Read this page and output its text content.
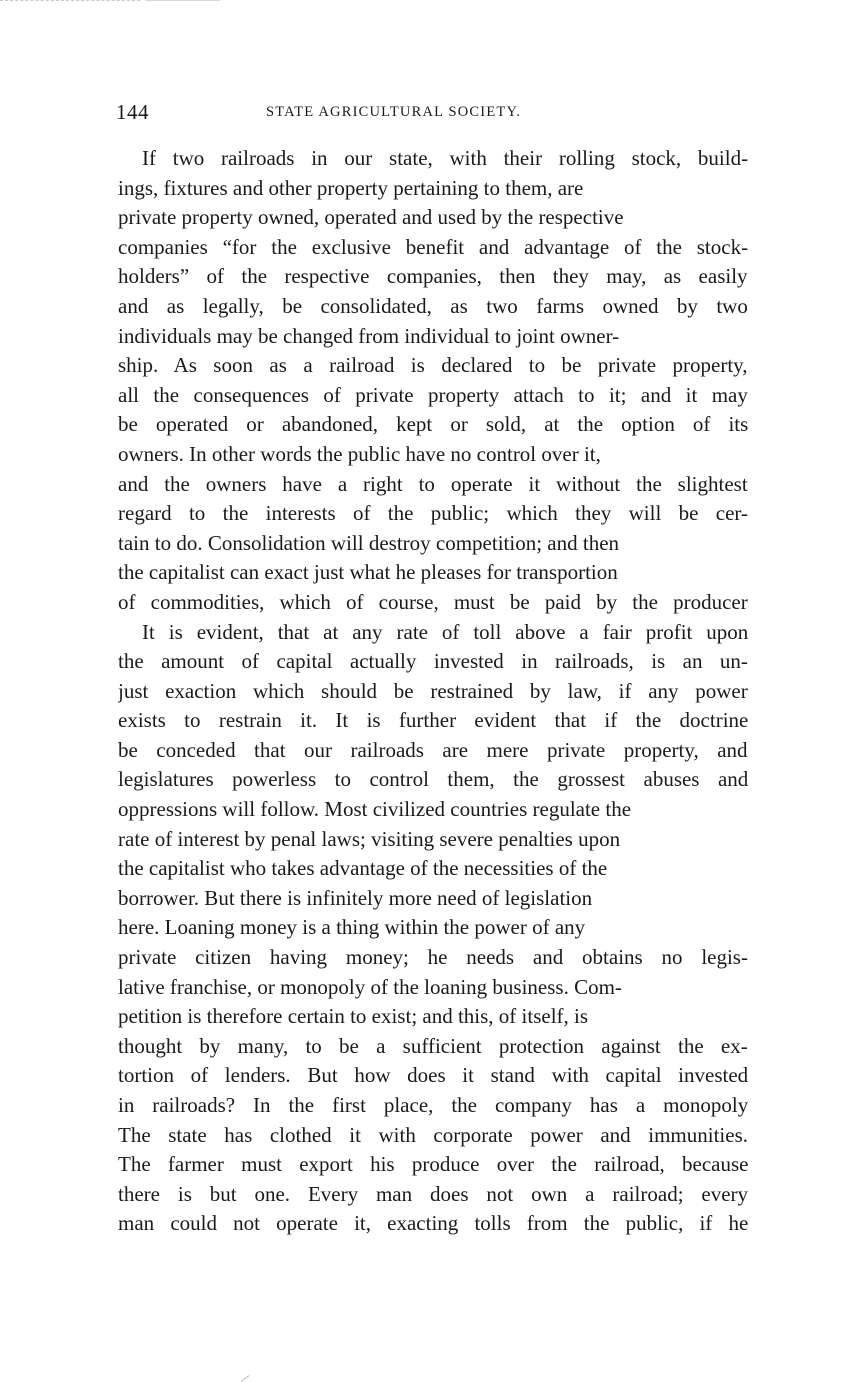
144	STATE AGRICULTURAL SOCIETY.
If two railroads in our state, with their rolling stock, build-
ings, fixtures and other property pertaining to them, are
private property owned, operated and used by the respective
companies “for the exclusive benefit and advantage of the stock-
holders” of the respective companies, then they may, as easily
and as legally, be consolidated, as two farms owned by two
individuals may be changed from individual to joint owner-
ship. As soon as a railroad is declared to be private property,
all the consequences of private property attach to it; and it may
be operated or abandoned, kept or sold, at the option of its
owners. In other words the public have no control over it,
and the owners have a right to operate it without the slightest
regard to the interests of the public; which they will be cer-
tain to do. Consolidation will destroy competition; and then
the capitalist can exact just what he pleases for transportion
of commodities, which of course, must be paid by the producer
It is evident, that at any rate of toll above a fair profit upon
the amount of capital actually invested in railroads, is an un-
just exaction which should be restrained by law, if any power
exists to restrain it. It is further evident that if the doctrine
be conceded that our railroads are mere private property, and
legislatures powerless to control them, the grossest abuses and
oppressions will follow. Most civilized countries regulate the
rate of interest by penal laws; visiting severe penalties upon
the capitalist who takes advantage of the necessities of the
borrower. But there is infinitely more need of legislation
here. Loaning money is a thing within the power of any
private citizen having money; he needs and obtains no legis-
lative franchise, or monopoly of the loaning business. Com-
petition is therefore certain to exist; and this, of itself, is
thought by many, to be a sufficient protection against the ex-
tortion of lenders. But how does it stand with capital invested
in railroads? In the first place, the company has a monopoly
The state has clothed it with corporate power and immunities.
The farmer must export his produce over the railroad, because
there is but one. Every man does not own a railroad; every
man could not operate it, exacting tolls from the public, if he
